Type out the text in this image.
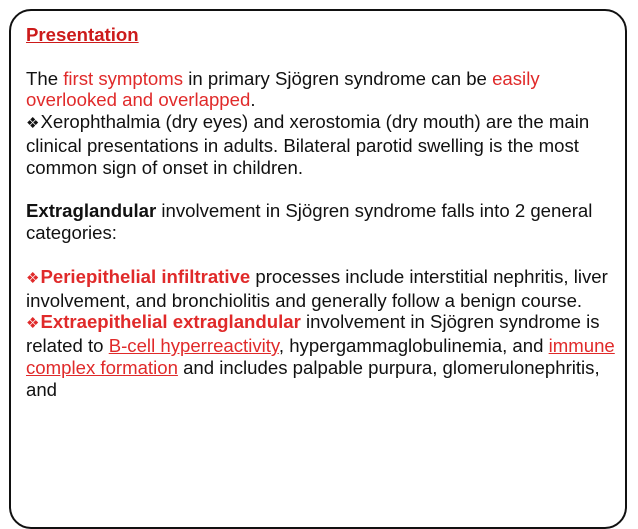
Presentation

The first symptoms in primary Sjögren syndrome can be easily overlooked and overlapped.

❖Xerophthalmia (dry eyes) and xerostomia (dry mouth) are the main clinical presentations in adults. Bilateral parotid swelling is the most common sign of onset in children.

Extraglandular involvement in Sjögren syndrome falls into 2 general categories:

❖Periepithelial infiltrative processes include interstitial nephritis, liver involvement, and bronchiolitis and generally follow a benign course.

❖Extraepithelial extraglandular involvement in Sjögren syndrome is related to B-cell hyperreactivity, hypergammaglobulinemia, and immune complex formation and includes palpable purpura, glomerulonephritis, and
